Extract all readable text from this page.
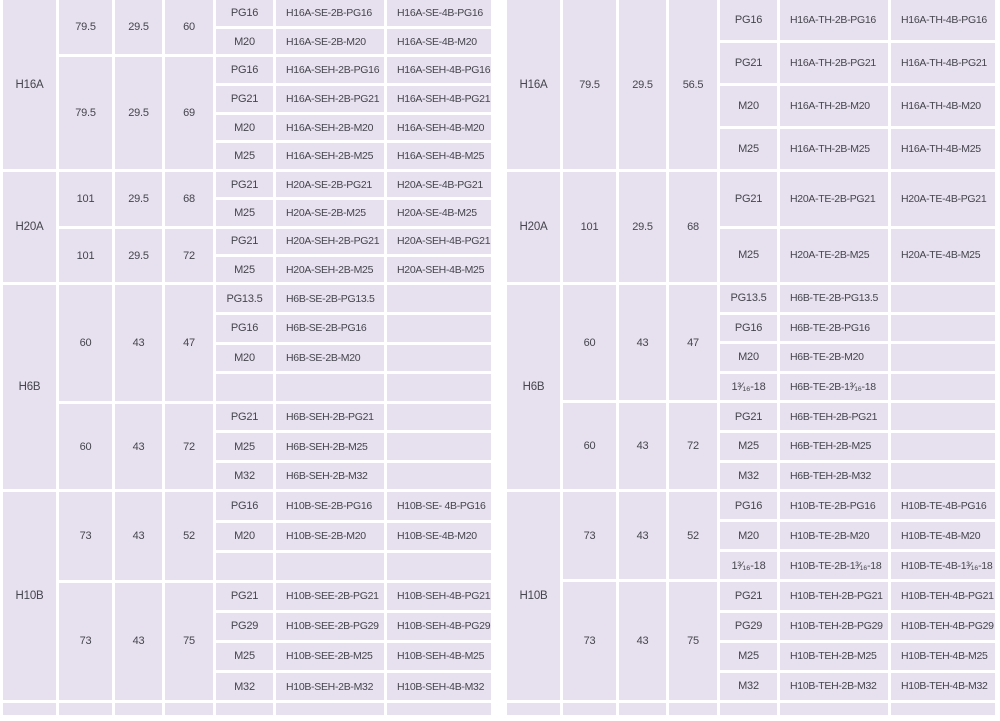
H16A	79.5	29.5	60	PG16	H16A-SE-2B-PG16	H16A-SE-4B-PG16
				M20	H16A-SE-2B-M20	H16A-SE-4B-M20
	79.5	29.5	69	PG16	H16A-SEH-2B-PG16	H16A-SEH-4B-PG16
				PG21	H16A-SEH-2B-PG21	H16A-SEH-4B-PG21
				M20	H16A-SEH-2B-M20	H16A-SEH-4B-M20
				M25	H16A-SEH-2B-M25	H16A-SEH-4B-M25
H20A	101	29.5	68	PG21	H20A-SE-2B-PG21	H20A-SE-4B-PG21
				M25	H20A-SE-2B-M25	H20A-SE-4B-M25
	101	29.5	72	PG21	H20A-SEH-2B-PG21	H20A-SEH-4B-PG21
				M25	H20A-SEH-2B-M25	H20A-SEH-4B-M25
H6B	60	43	47	PG13.5	H6B-SE-2B-PG13.5	
				PG16	H6B-SE-2B-PG16	
				M20	H6B-SE-2B-M20	

	60	43	72	PG21	H6B-SEH-2B-PG21	
				M25	H6B-SEH-2B-M25	
				M32	H6B-SEH-2B-M32	
H10B	73	43	52	PG16	H10B-SE-2B-PG16	H10B-SE- 4B-PG16
				M20	H10B-SE-2B-M20	H10B-SE-4B-M20

	73	43	75	PG21	H10B-SEE-2B-PG21	H10B-SEH-4B-PG21
				PG29	H10B-SEE-2B-PG29	H10B-SEH-4B-PG29
				M25	H10B-SEE-2B-M25	H10B-SEH-4B-M25
				M32	H10B-SEH-2B-M32	H10B-SEH-4B-M32

H16A	79.5	29.5	56.5	PG16	H16A-TH-2B-PG16	H16A-TH-4B-PG16
				PG21	H16A-TH-2B-PG21	H16A-TH-4B-PG21
				M20	H16A-TH-2B-M20	H16A-TH-4B-M20
				M25	H16A-TH-2B-M25	H16A-TH-4B-M25
H20A	101	29.5	68	PG21	H20A-TE-2B-PG21	H20A-TE-4B-PG21
				M25	H20A-TE-2B-M25	H20A-TE-4B-M25
H6B	60	43	47	PG13.5	H6B-TE-2B-PG13.5	
				PG16	H6B-TE-2B-PG16	
				M20	H6B-TE-2B-M20	
				1³⁄₁₆-18	H6B-TE-2B-1³⁄₁₆-18	
	60	43	72	PG21	H6B-TEH-2B-PG21	
				M25	H6B-TEH-2B-M25	
				M32	H6B-TEH-2B-M32	
H10B	73	43	52	PG16	H10B-TE-2B-PG16	H10B-TE-4B-PG16
				M20	H10B-TE-2B-M20	H10B-TE-4B-M20
				1³⁄₁₆-18	H10B-TE-2B-1³⁄₁₆-18	H10B-TE-4B-1³⁄₁₆-18
	73	43	75	PG21	H10B-TEH-2B-PG21	H10B-TEH-4B-PG21
				PG29	H10B-TEH-2B-PG29	H10B-TEH-4B-PG29
				M25	H10B-TEH-2B-M25	H10B-TEH-4B-M25
				M32	H10B-TEH-2B-M32	H10B-TEH-4B-M32
